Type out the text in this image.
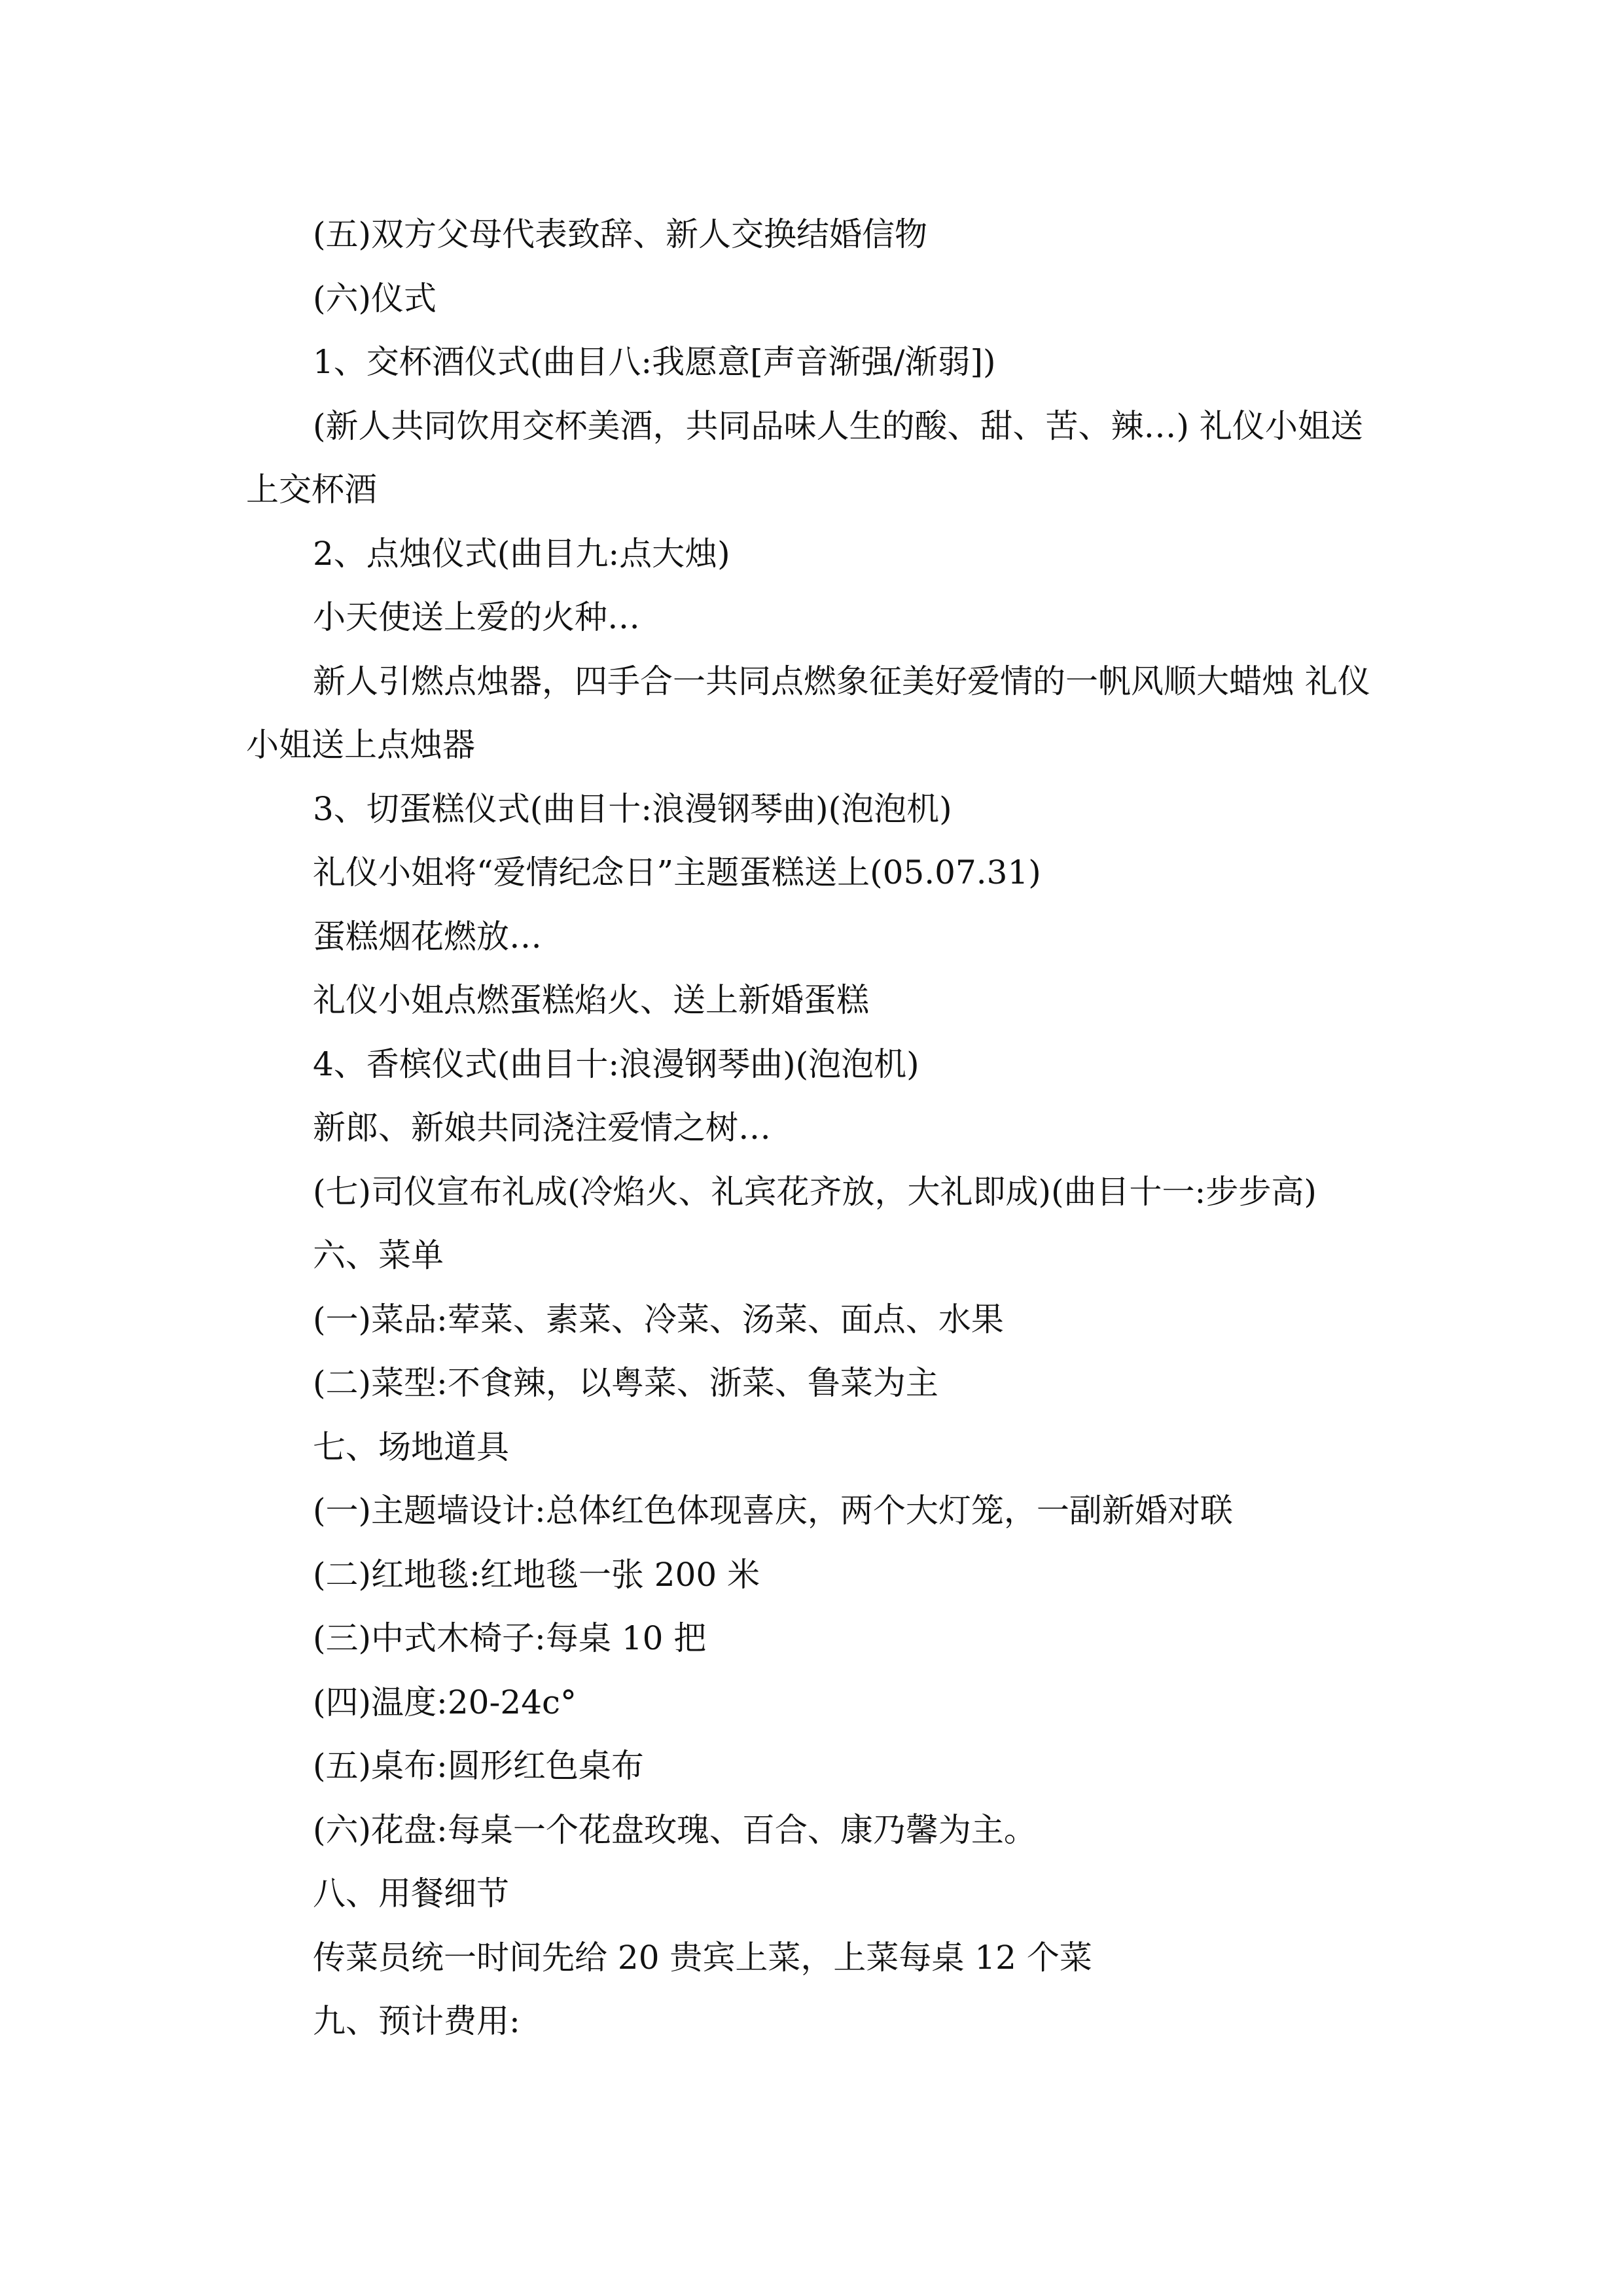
(五)双方父母代表致辞、新人交换结婚信物

(六)仪式

1、交杯酒仪式(曲目八:我愿意[声音渐强/渐弱])

(新人共同饮用交杯美酒，共同品味人生的酸、甜、苦、辣…) 礼仪小姐送上交杯酒

2、点烛仪式(曲目九:点大烛)

小天使送上爱的火种…

新人引燃点烛器，四手合一共同点燃象征美好爱情的一帆风顺大蜡烛 礼仪小姐送上点烛器

3、切蛋糕仪式(曲目十:浪漫钢琴曲)(泡泡机)

礼仪小姐将“爱情纪念日”主题蛋糕送上(05.07.31)

蛋糕烟花燃放…

礼仪小姐点燃蛋糕焰火、送上新婚蛋糕

4、香槟仪式(曲目十:浪漫钢琴曲)(泡泡机)

新郎、新娘共同浇注爱情之树…

(七)司仪宣布礼成(冷焰火、礼宾花齐放，大礼即成)(曲目十一:步步高)

六、菜单

(一)菜品:荤菜、素菜、冷菜、汤菜、面点、水果

(二)菜型:不食辣，以粤菜、浙菜、鲁菜为主

七、场地道具

(一)主题墙设计:总体红色体现喜庆，两个大灯笼，一副新婚对联

(二)红地毯:红地毯一张 200 米

(三)中式木椅子:每桌 10 把

(四)温度:20-24c°

(五)桌布:圆形红色桌布

(六)花盘:每桌一个花盘玫瑰、百合、康乃馨为主。

八、用餐细节

传菜员统一时间先给 20 贵宾上菜，上菜每桌 12 个菜

九、预计费用:
